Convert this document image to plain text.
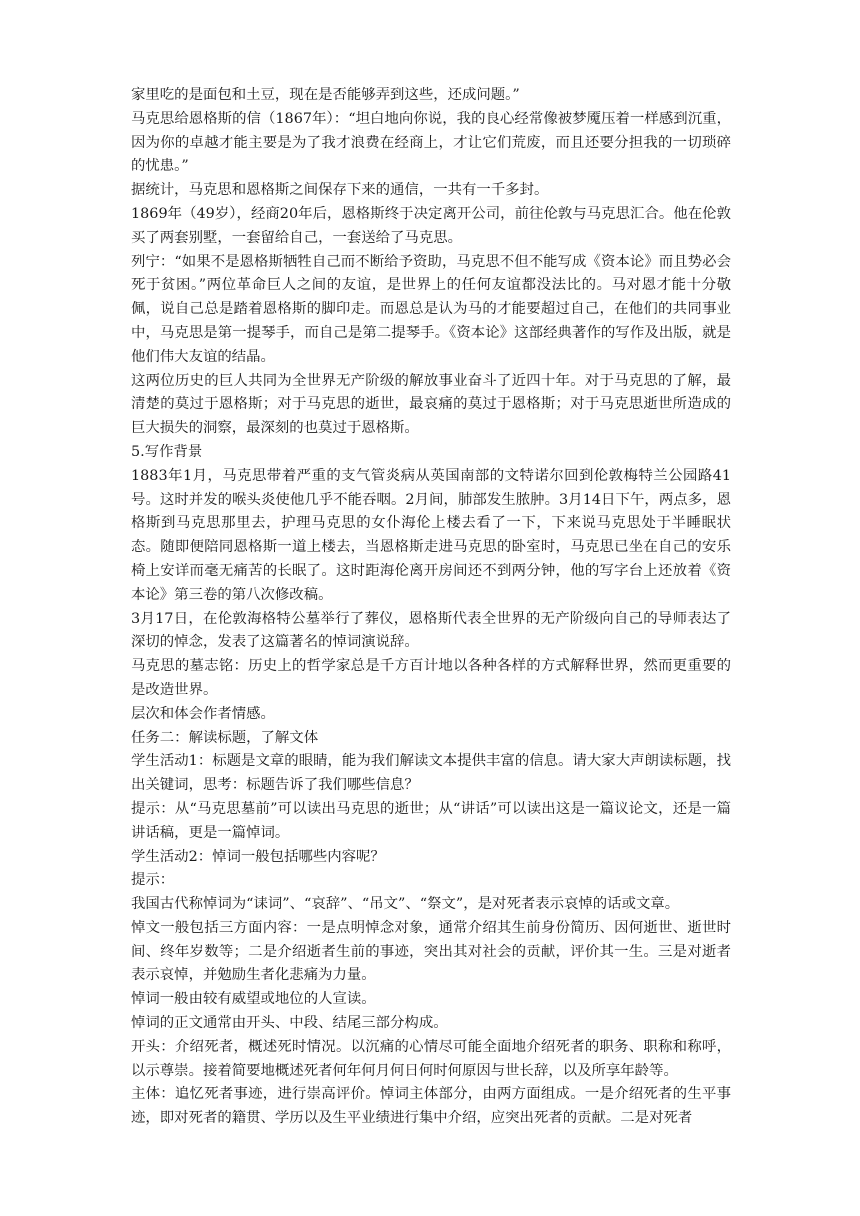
家里吃的是面包和土豆，现在是否能够弄到这些，还成问题。”

马克思给恩格斯的信（1867年）：“坦白地向你说，我的良心经常像被梦魇压着一样感到沉重，因为你的卓越才能主要是为了我才浪费在经商上，才让它们荒废，而且还要分担我的一切琐碎的忧患。”

据统计，马克思和恩格斯之间保存下来的通信，一共有一千多封。

1869年（49岁），经商20年后，恩格斯终于决定离开公司，前往伦敦与马克思汇合。他在伦敦买了两套别墅，一套留给自己，一套送给了马克思。

列宁：“如果不是恩格斯牺牲自己而不断给予资助，马克思不但不能写成《资本论》而且势必会死于贫困。”两位革命巨人之间的友谊，是世界上的任何友谊都没法比的。马对恩才能十分敬佩，说自己总是踏着恩格斯的脚印走。而恩总是认为马的才能要超过自己，在他们的共同事业中，马克思是第一提琴手，而自己是第二提琴手。《资本论》这部经典著作的写作及出版，就是他们伟大友谊的结晶。

这两位历史的巨人共同为全世界无产阶级的解放事业奋斗了近四十年。对于马克思的了解，最清楚的莫过于恩格斯；对于马克思的逝世，最哀痛的莫过于恩格斯；对于马克思逝世所造成的巨大损失的洞察，最深刻的也莫过于恩格斯。

5.写作背景

1883年1月，马克思带着严重的支气管炎病从英国南部的文特诺尔回到伦敦梅特兰公园路41号。这时并发的喉头炎使他几乎不能吞咽。2月间，肺部发生脓肿。3月14日下午，两点多，恩格斯到马克思那里去，护理马克思的女仆海伦上楼去看了一下，下来说马克思处于半睡眠状态。随即便陪同恩格斯一道上楼去，当恩格斯走进马克思的卧室时，马克思已坐在自己的安乐椅上安详而毫无痛苦的长眠了。这时距海伦离开房间还不到两分钟，他的写字台上还放着《资本论》第三卷的第八次修改稿。

3月17日，在伦敦海格特公墓举行了葬仪，恩格斯代表全世界的无产阶级向自己的导师表达了深切的悼念，发表了这篇著名的悼词演说辞。

马克思的墓志铭：历史上的哲学家总是千方百计地以各种各样的方式解释世界，然而更重要的是改造世界。

层次和体会作者情感。

任务二：解读标题，了解文体

学生活动1：标题是文章的眼睛，能为我们解读文本提供丰富的信息。请大家大声朗读标题，找出关键词，思考：标题告诉了我们哪些信息？

提示：从“马克思墓前”可以读出马克思的逝世；从“讲话”可以读出这是一篇议论文，还是一篇讲话稿，更是一篇悼词。

学生活动2：悼词一般包括哪些内容呢？

提示：

我国古代称悼词为“诔词”、“哀辞”、“吊文”、“祭文”，是对死者表示哀悼的话或文章。

悼文一般包括三方面内容：一是点明悼念对象，通常介绍其生前身份简历、因何逝世、逝世时间、终年岁数等；二是介绍逝者生前的事迹，突出其对社会的贡献，评价其一生。三是对逝者表示哀悼，并勉励生者化悲痛为力量。

悼词一般由较有威望或地位的人宣读。

悼词的正文通常由开头、中段、结尾三部分构成。

开头：介绍死者，概述死时情况。以沉痛的心情尽可能全面地介绍死者的职务、职称和称呼，以示尊崇。接着简要地概述死者何年何月何日何时何原因与世长辞，以及所享年龄等。

主体：追忆死者事迹，进行崇高评价。悼词主体部分，由两方面组成。一是介绍死者的生平事迹，即对死者的籍贯、学历以及生平业绩进行集中介绍，应突出死者的贡献。二是对死者
